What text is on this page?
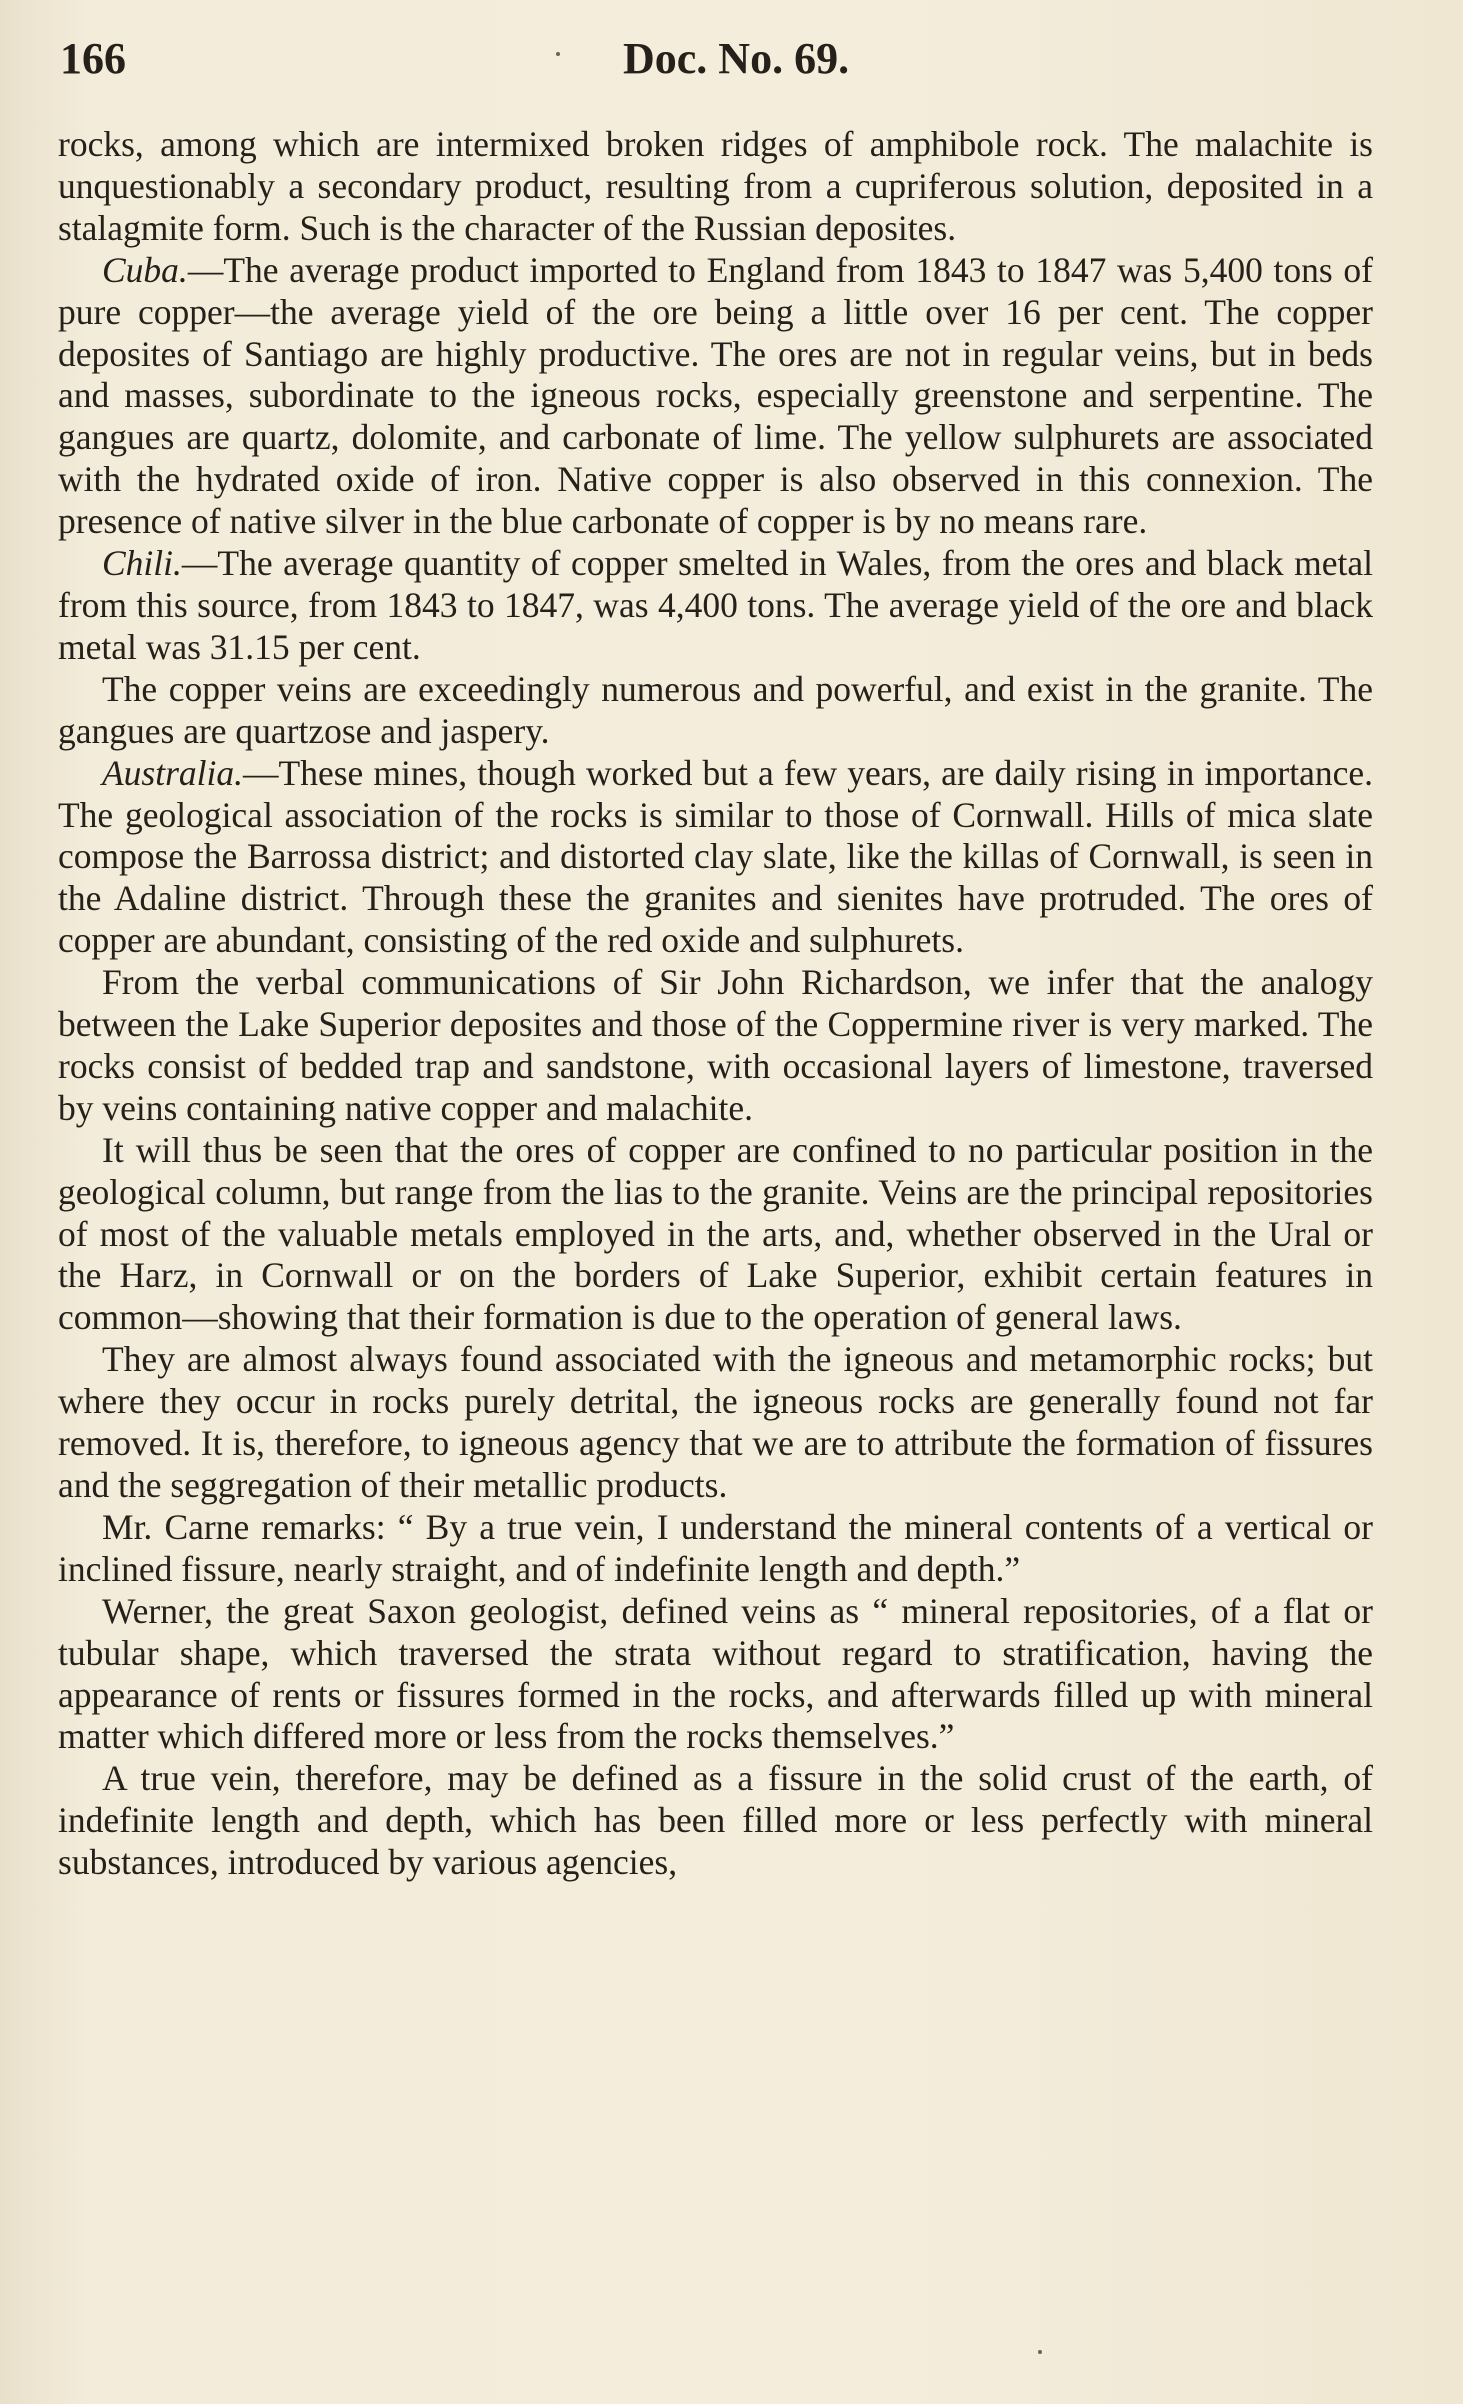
166	Doc. No. 69.

rocks, among which are intermixed broken ridges of amphibole rock. The malachite is unquestionably a secondary product, resulting from a cupriferous solution, deposited in a stalagmite form. Such is the character of the Russian deposites.

Cuba.—The average product imported to England from 1843 to 1847 was 5,400 tons of pure copper—the average yield of the ore being a little over 16 per cent. The copper deposites of Santiago are highly productive. The ores are not in regular veins, but in beds and masses, subordinate to the igneous rocks, especially greenstone and serpentine. The gangues are quartz, dolomite, and carbonate of lime. The yellow sulphurets are associated with the hydrated oxide of iron. Native copper is also observed in this connexion. The presence of native silver in the blue carbonate of copper is by no means rare.

Chili.—The average quantity of copper smelted in Wales, from the ores and black metal from this source, from 1843 to 1847, was 4,400 tons. The average yield of the ore and black metal was 31.15 per cent.

The copper veins are exceedingly numerous and powerful, and exist in the granite. The gangues are quartzose and jaspery.

Australia.—These mines, though worked but a few years, are daily rising in importance. The geological association of the rocks is similar to those of Cornwall. Hills of mica slate compose the Barrossa district; and distorted clay slate, like the killas of Cornwall, is seen in the Adaline district. Through these the granites and sienites have protruded. The ores of copper are abundant, consisting of the red oxide and sulphurets.

From the verbal communications of Sir John Richardson, we infer that the analogy between the Lake Superior deposites and those of the Coppermine river is very marked. The rocks consist of bedded trap and sandstone, with occasional layers of limestone, traversed by veins containing native copper and malachite.

It will thus be seen that the ores of copper are confined to no particular position in the geological column, but range from the lias to the granite. Veins are the principal repositories of most of the valuable metals employed in the arts, and, whether observed in the Ural or the Harz, in Cornwall or on the borders of Lake Superior, exhibit certain features in common—showing that their formation is due to the operation of general laws.

They are almost always found associated with the igneous and metamorphic rocks; but where they occur in rocks purely detrital, the igneous rocks are generally found not far removed. It is, therefore, to igneous agency that we are to attribute the formation of fissures and the seggregation of their metallic products.

Mr. Carne remarks: “ By a true vein, I understand the mineral contents of a vertical or inclined fissure, nearly straight, and of indefinite length and depth.”

Werner, the great Saxon geologist, defined veins as “ mineral repositories, of a flat or tubular shape, which traversed the strata without regard to stratification, having the appearance of rents or fissures formed in the rocks, and afterwards filled up with mineral matter which differed more or less from the rocks themselves.”

A true vein, therefore, may be defined as a fissure in the solid crust of the earth, of indefinite length and depth, which has been filled more or less perfectly with mineral substances, introduced by various agencies,
